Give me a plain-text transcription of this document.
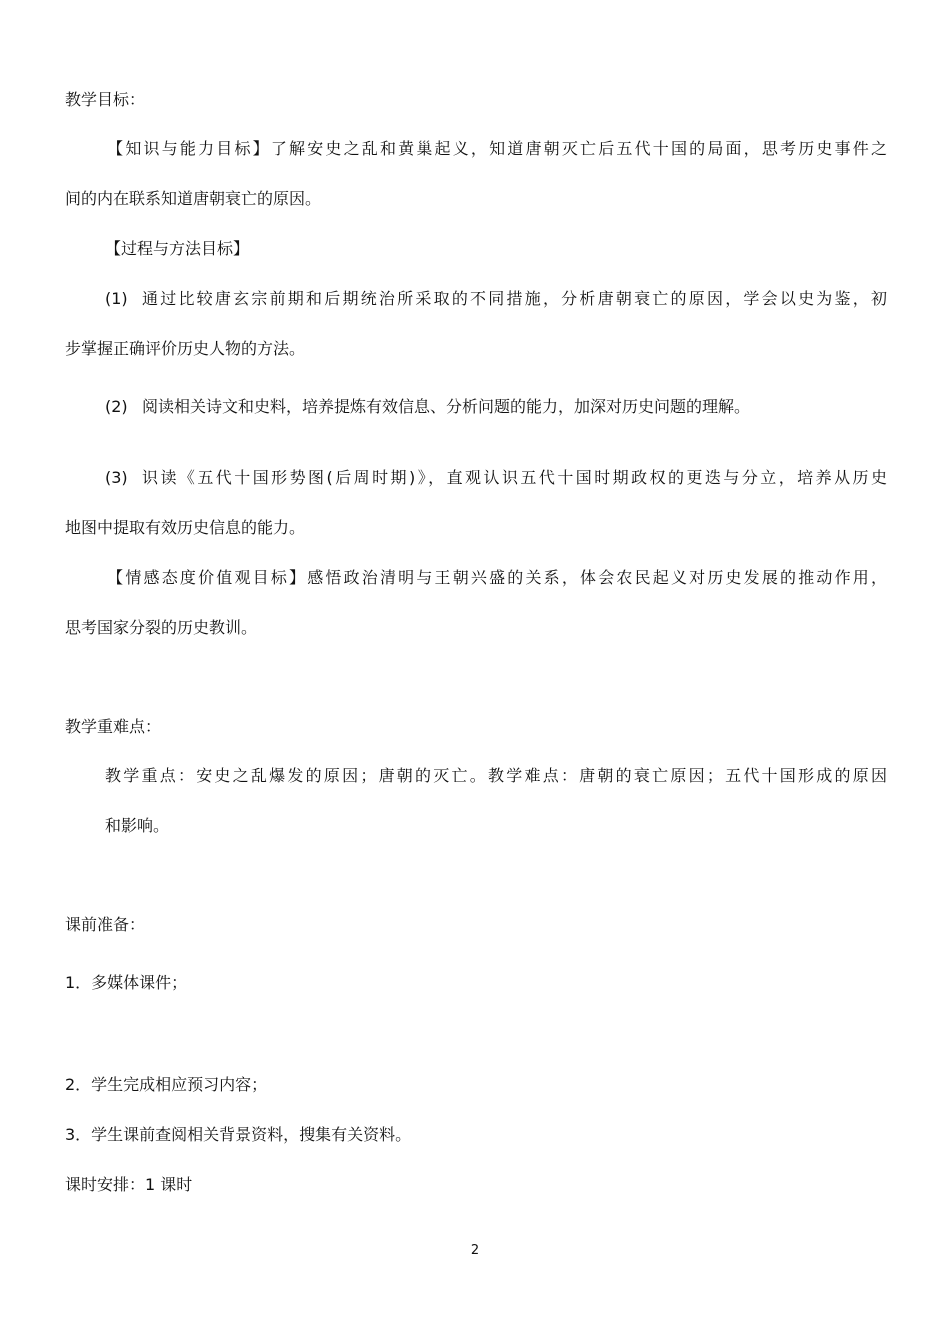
教学目标：
【知识与能力目标】了解安史之乱和黄巢起义，知道唐朝灭亡后五代十国的局面，思考历史事件之
间的内在联系知道唐朝衰亡的原因。
【过程与方法目标】
(1) 通过比较唐玄宗前期和后期统治所采取的不同措施，分析唐朝衰亡的原因，学会以史为鉴，初
步掌握正确评价历史人物的方法。
(2) 阅读相关诗文和史料，培养提炼有效信息、分析问题的能力，加深对历史问题的理解。
(3) 识读《五代十国形势图(后周时期)》，直观认识五代十国时期政权的更迭与分立，培养从历史
地图中提取有效历史信息的能力。
【情感态度价值观目标】感悟政治清明与王朝兴盛的关系，体会农民起义对历史发展的推动作用，
思考国家分裂的历史教训。
教学重难点：
教学重点：安史之乱爆发的原因；唐朝的灭亡。教学难点：唐朝的衰亡原因；五代十国形成的原因
和影响。
课前准备：
1．多媒体课件；
2．学生完成相应预习内容；
3．学生课前查阅相关背景资料，搜集有关资料。
课时安排：1 课时
2
